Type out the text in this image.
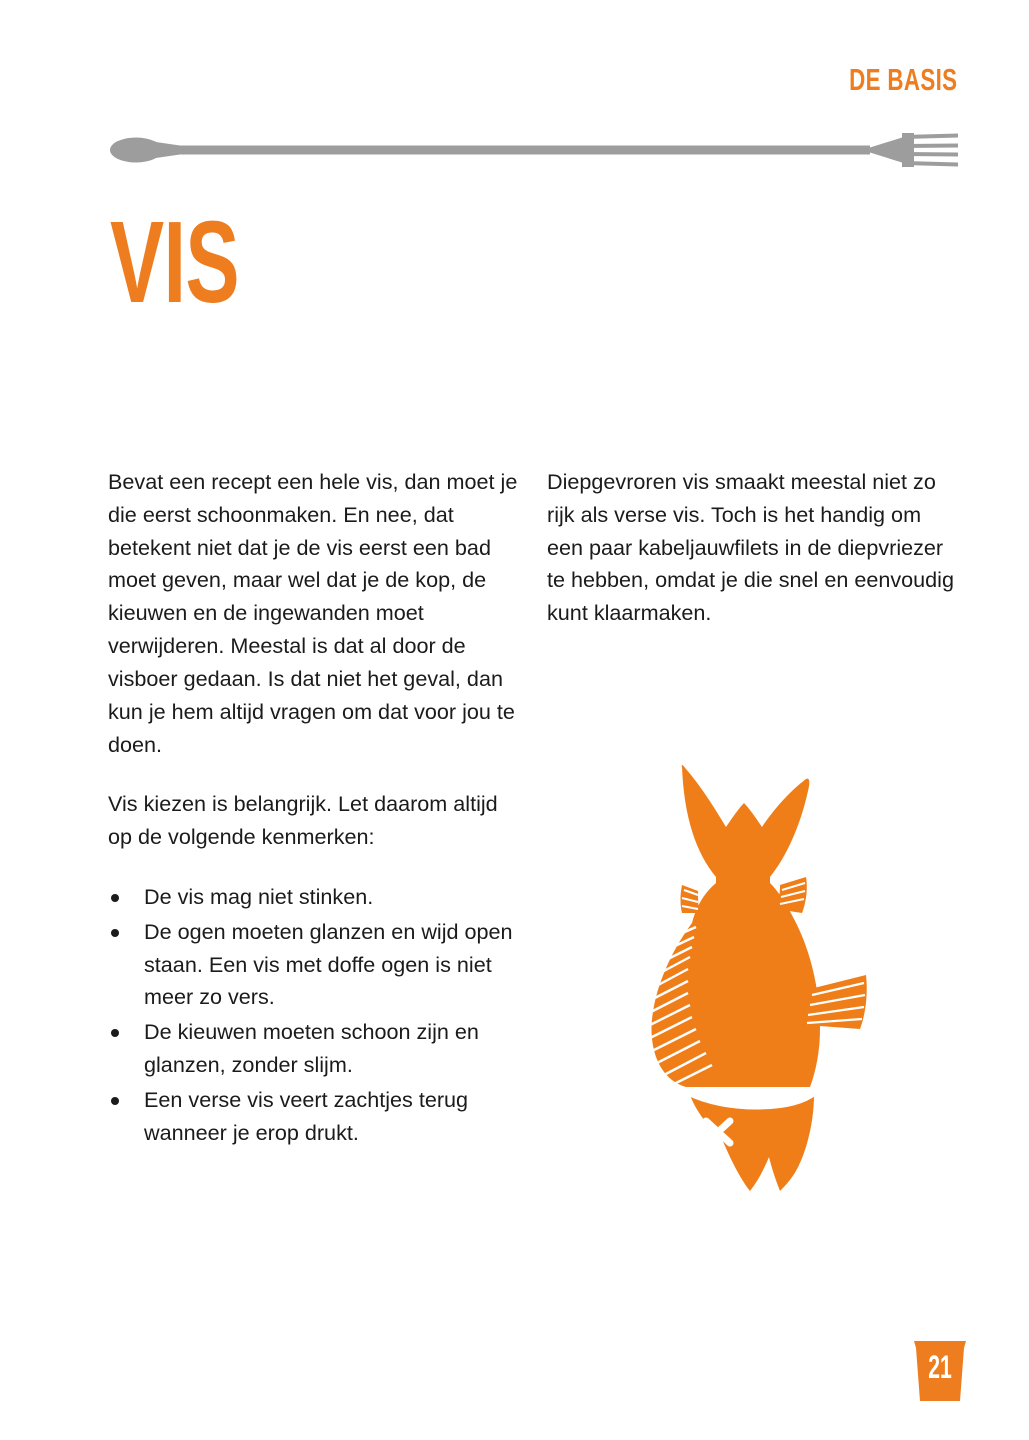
DE BASIS
VIS

Bevat een recept een hele vis, dan moet je die eerst schoonmaken. En nee, dat betekent niet dat je de vis eerst een bad moet geven, maar wel dat je de kop, de kieuwen en de ingewanden moet verwijderen. Meestal is dat al door de visboer gedaan. Is dat niet het geval, dan kun je hem altijd vragen om dat voor jou te doen.

Vis kiezen is belangrijk. Let daarom altijd op de volgende kenmerken:

De vis mag niet stinken.
De ogen moeten glanzen en wijd open staan. Een vis met doffe ogen is niet meer zo vers.
De kieuwen moeten schoon zijn en glanzen, zonder slijm.
Een verse vis veert zachtjes terug wanneer je erop drukt.

Diepgevroren vis smaakt meestal niet zo rijk als verse vis. Toch is het handig om een paar kabeljauwfilets in de diepvriezer te hebben, omdat je die snel en eenvoudig kunt klaarmaken.

21
